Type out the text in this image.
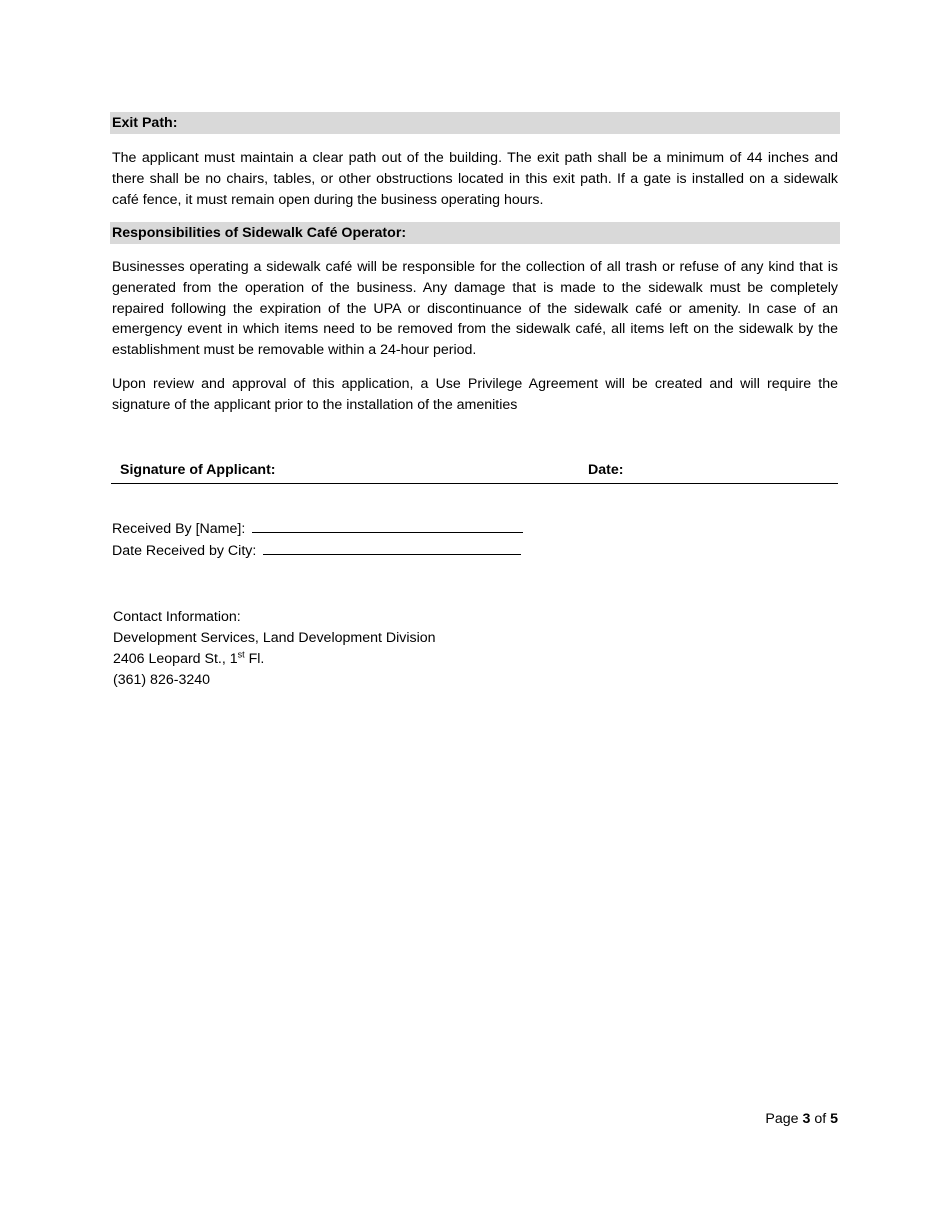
Exit Path:

The applicant must maintain a clear path out of the building. The exit path shall be a minimum of 44 inches and there shall be no chairs, tables, or other obstructions located in this exit path. If a gate is installed on a sidewalk café fence, it must remain open during the business operating hours.

Responsibilities of Sidewalk Café Operator:

Businesses operating a sidewalk café will be responsible for the collection of all trash or refuse of any kind that is generated from the operation of the business. Any damage that is made to the sidewalk must be completely repaired following the expiration of the UPA or discontinuance of the sidewalk café or amenity. In case of an emergency event in which items need to be removed from the sidewalk café, all items left on the sidewalk by the establishment must be removable within a 24-hour period.

Upon review and approval of this application, a Use Privilege Agreement will be created and will require the signature of the applicant prior to the installation of the amenities

Signature of Applicant:	Date:
Received By [Name]:
Date Received by City:
Contact Information:
Development Services, Land Development Division
2406 Leopard St., 1st Fl.
(361) 826-3240
Page 3 of 5
